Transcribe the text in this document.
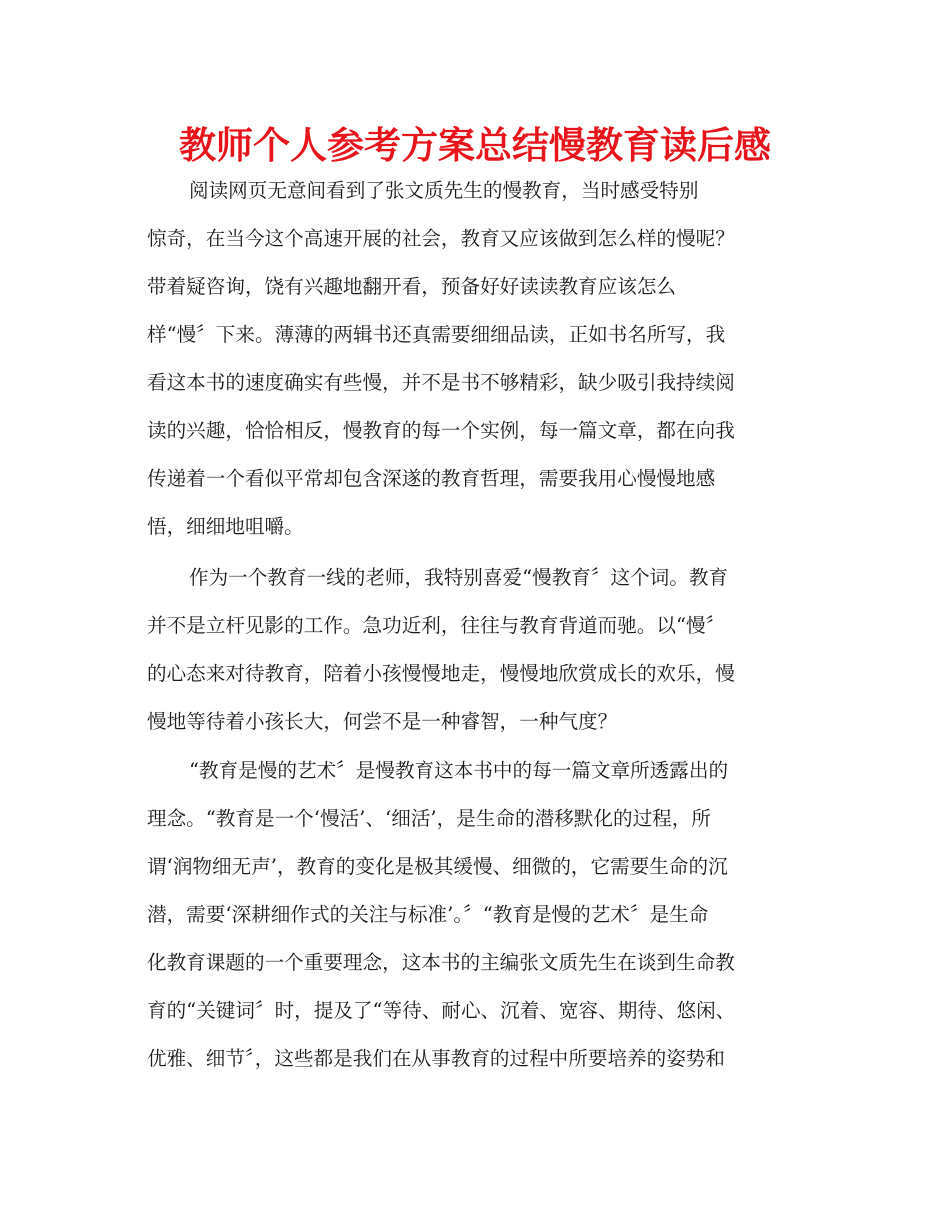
教师个人参考方案总结慢教育读后感

阅读网页无意间看到了张文质先生的慢教育，当时感受特别

惊奇，在当今这个高速开展的社会，教育又应该做到怎么样的慢呢？

带着疑咨询，饶有兴趣地翻开看，预备好好读读教育应该怎么

样“慢〞下来。薄薄的两辑书还真需要细细品读，正如书名所写，我

看这本书的速度确实有些慢，并不是书不够精彩，缺少吸引我持续阅

读的兴趣，恰恰相反，慢教育的每一个实例，每一篇文章，都在向我

传递着一个看似平常却包含深遂的教育哲理，需要我用心慢慢地感

悟，细细地咀嚼。

作为一个教育一线的老师，我特别喜爱“慢教育〞这个词。教育

并不是立杆见影的工作。急功近利，往往与教育背道而驰。以“慢〞

的心态来对待教育，陪着小孩慢慢地走，慢慢地欣赏成长的欢乐，慢

慢地等待着小孩长大，何尝不是一种睿智，一种气度？

“教育是慢的艺术〞是慢教育这本书中的每一篇文章所透露出的

理念。“教育是一个‘慢活’、‘细活’，是生命的潜移默化的过程，所

谓‘润物细无声’，教育的变化是极其缓慢、细微的，它需要生命的沉

潜，需要‘深耕细作式的关注与标准’。〞“教育是慢的艺术〞是生命

化教育课题的一个重要理念，这本书的主编张文质先生在谈到生命教

育的“关键词〞时，提及了“等待、耐心、沉着、宽容、期待、悠闲、

优雅、细节〞，这些都是我们在从事教育的过程中所要培养的姿势和
